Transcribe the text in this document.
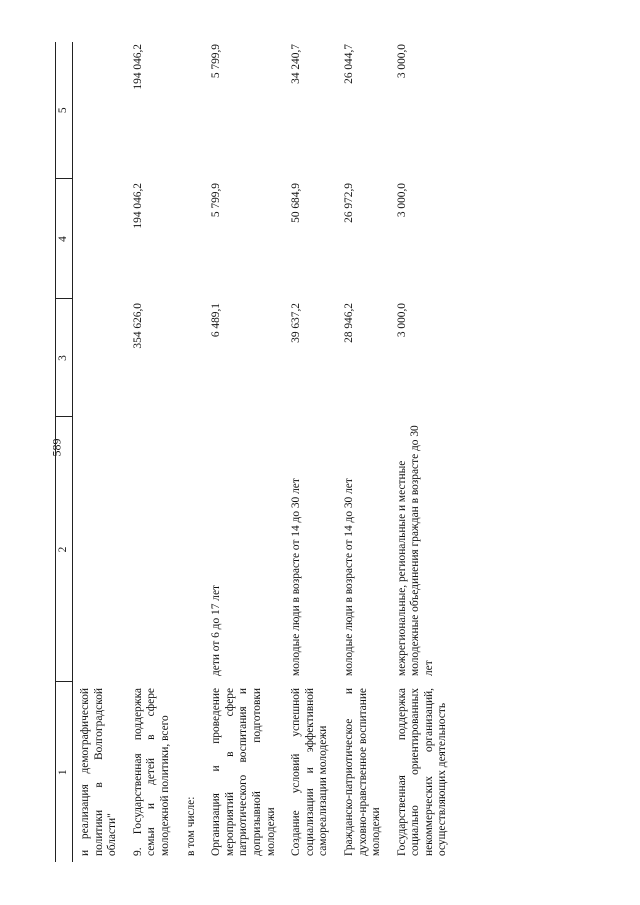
589
1	2	3	4	5
и реализация демографической политики в Волгоградской области"				
9. Государственная поддержка семьи и детей в сфере молодежной политики, всего		354 626,0	194 046,2	194 046,2
в том числе:				
Организация и проведение мероприятий в сфере патриотического воспитания и допризывной подготовки молодежи	дети от 6 до 17 лет	6 489,1	5 799,9	5 799,9
Создание условий успешной социализации и эффективной самореализации молодежи	молодые люди в возрасте от 14 до 30 лет	39 637,2	50 684,9	34 240,7
Гражданско-патриотическое и духовно-нравственное воспитание молодежи	молодые люди в возрасте от 14 до 30 лет	28 946,2	26 972,9	26 044,7
Государственная поддержка социально ориентированных некоммерческих организаций, осуществляющих деятельность	межрегиональные, региональные и местные молодежные объединения граждан в возрасте до 30 лет	3 000,0	3 000,0	3 000,0
